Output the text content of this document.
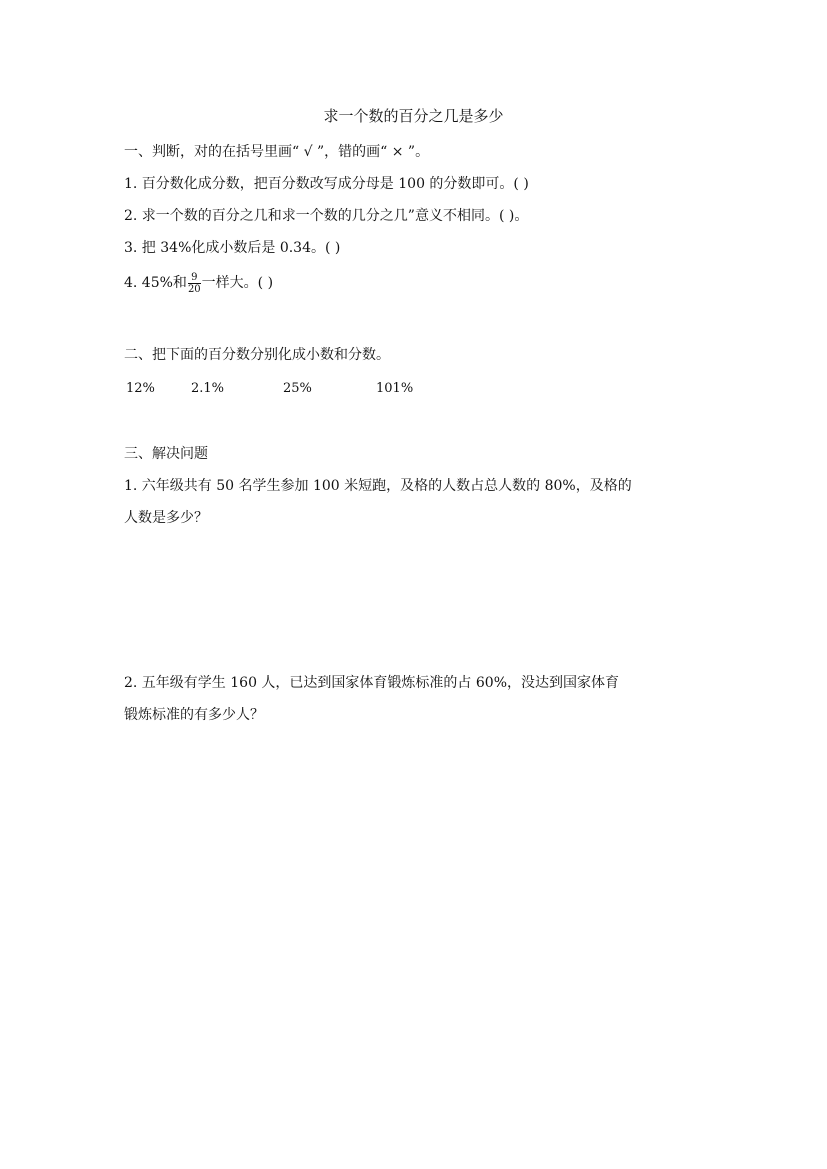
求一个数的百分之几是多少
一、判断，对的在括号里画“ √ ”，错的画“ × ”。
1. 百分数化成分数，把百分数改写成分母是 100 的分数即可。( )
2. 求一个数的百分之几和求一个数的几分之几”意义不相同。( )。
3. 把 34%化成小数后是 0.34。( )
4. 45%和 $\frac{9}{20}$ 一样大。( )
二、把下面的百分数分别化成小数和分数。
12%	2.1%	25%	101%
三、解决问题
1. 六年级共有 50 名学生参加 100 米短跑，及格的人数占总人数的 80%，及格的
人数是多少？
2. 五年级有学生 160 人，已达到国家体育锻炼标准的占 60%，没达到国家体育
锻炼标准的有多少人？
